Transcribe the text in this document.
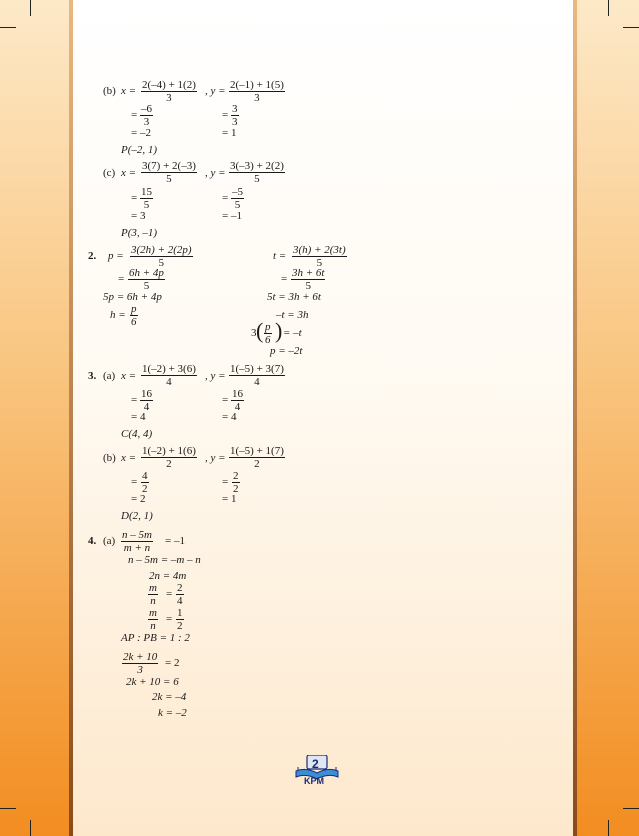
(b) $x = \frac{2(-4) + 1(2)}{3}$ , $y = \frac{2(-1) + 1(5)}{3}$
= $\frac{-6}{3}$	= $\frac{3}{3}$
= –2	= 1
P(–2, 1)
(c) $x = \frac{3(7) + 2(-3)}{5}$ , $y = \frac{3(-3) + 2(2)}{5}$
= $\frac{15}{5}$	= $\frac{-5}{5}$
= 3	= –1
P(3, –1)
2. $p = \frac{3(2h) + 2(2p)}{5}$
= $\frac{6h + 4p}{5}$
5p = 6h + 4p
$h = \frac{p}{6}$
$t = \frac{3(h) + 2(3t)}{5}$
= $\frac{3h + 6t}{5}$
5t = 3h + 6t
–t = 3h
3 ( $\frac{p}{6}$ ) = –t
p = –2t
3. (a) $x = \frac{1(-2) + 3(6)}{4}$ , $y = \frac{1(-5) + 3(7)}{4}$
= $\frac{16}{4}$	= $\frac{16}{4}$
= 4	= 4
C(4, 4)
(b) $x = \frac{1(-2) + 1(6)}{2}$ , $y = \frac{1(-5) + 1(7)}{2}$
= $\frac{4}{2}$	= $\frac{2}{2}$
= 2	= 1
D(2, 1)
4. $(a) \frac{n - 5m}{m + n} = -1$
n – 5m = –m – n
2n = 4m
$\frac{m}{n} = \frac{2}{4}$
$\frac{m}{n} = \frac{1}{2}$
AP : PB = 1 : 2
$\frac{2k + 10}{3} = 2$
2k + 10 = 6
2k = –4
k = –2
2
KPM
